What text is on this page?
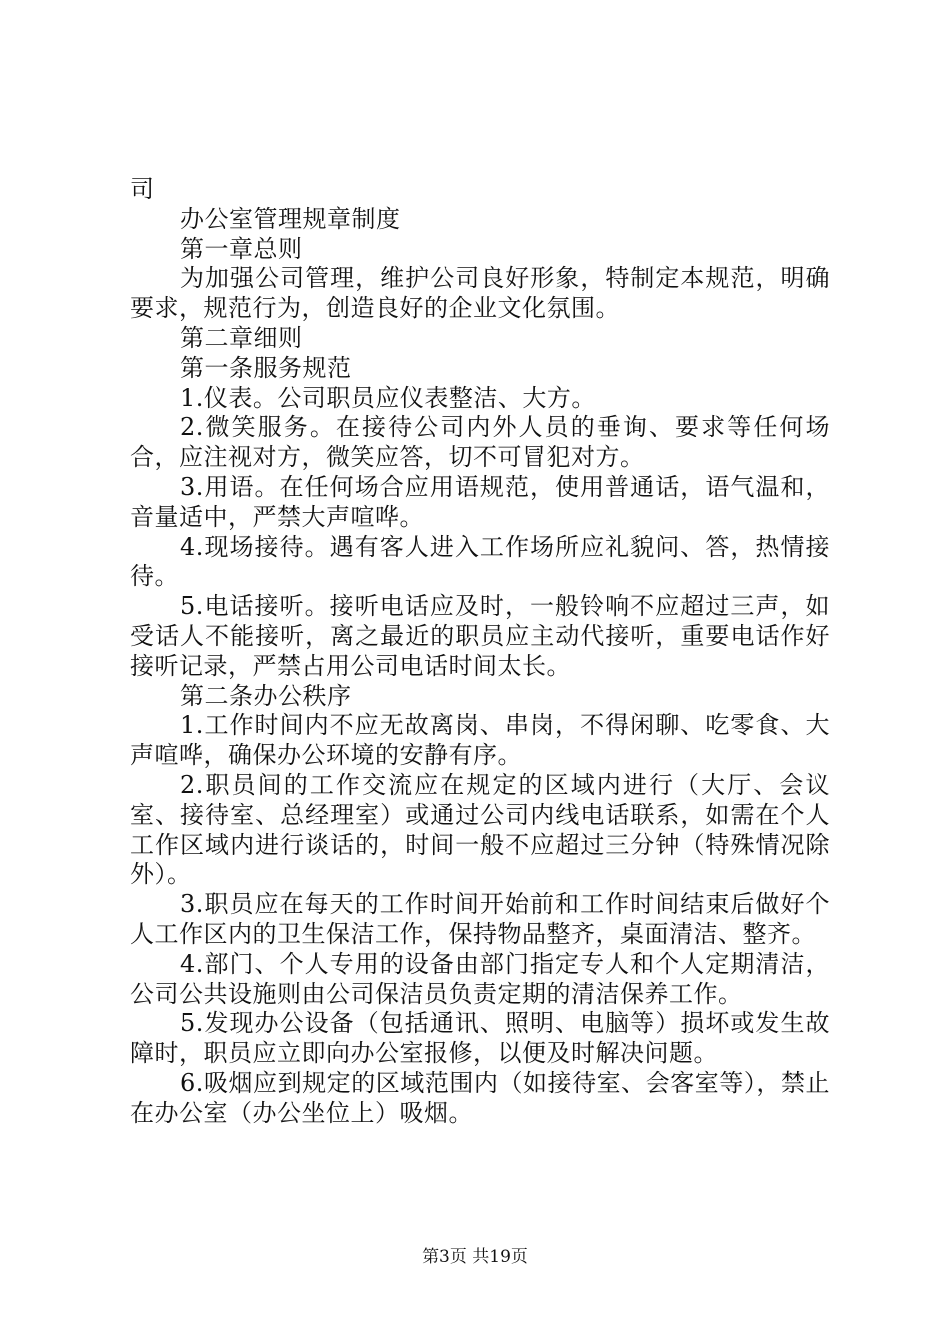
司

办公室管理规章制度

第一章总则

为加强公司管理，维护公司良好形象，特制定本规范，明确要求，规范行为，创造良好的企业文化氛围。

第二章细则

第一条服务规范

1.仪表。公司职员应仪表整洁、大方。

2.微笑服务。在接待公司内外人员的垂询、要求等任何场合，应注视对方，微笑应答，切不可冒犯对方。

3.用语。在任何场合应用语规范，使用普通话，语气温和，音量适中，严禁大声喧哗。

4.现场接待。遇有客人进入工作场所应礼貌问、答，热情接待。

5.电话接听。接听电话应及时，一般铃响不应超过三声，如受话人不能接听，离之最近的职员应主动代接听，重要电话作好接听记录，严禁占用公司电话时间太长。

第二条办公秩序

1.工作时间内不应无故离岗、串岗，不得闲聊、吃零食、大声喧哗，确保办公环境的安静有序。

2.职员间的工作交流应在规定的区域内进行（大厅、会议室、接待室、总经理室）或通过公司内线电话联系，如需在个人工作区域内进行谈话的，时间一般不应超过三分钟（特殊情况除外）。

3.职员应在每天的工作时间开始前和工作时间结束后做好个人工作区内的卫生保洁工作，保持物品整齐，桌面清洁、整齐。

4.部门、个人专用的设备由部门指定专人和个人定期清洁，公司公共设施则由公司保洁员负责定期的清洁保养工作。

5.发现办公设备（包括通讯、照明、电脑等）损坏或发生故障时，职员应立即向办公室报修，以便及时解决问题。

6.吸烟应到规定的区域范围内（如接待室、会客室等），禁止在办公室（办公坐位上）吸烟。

第3页 共19页
